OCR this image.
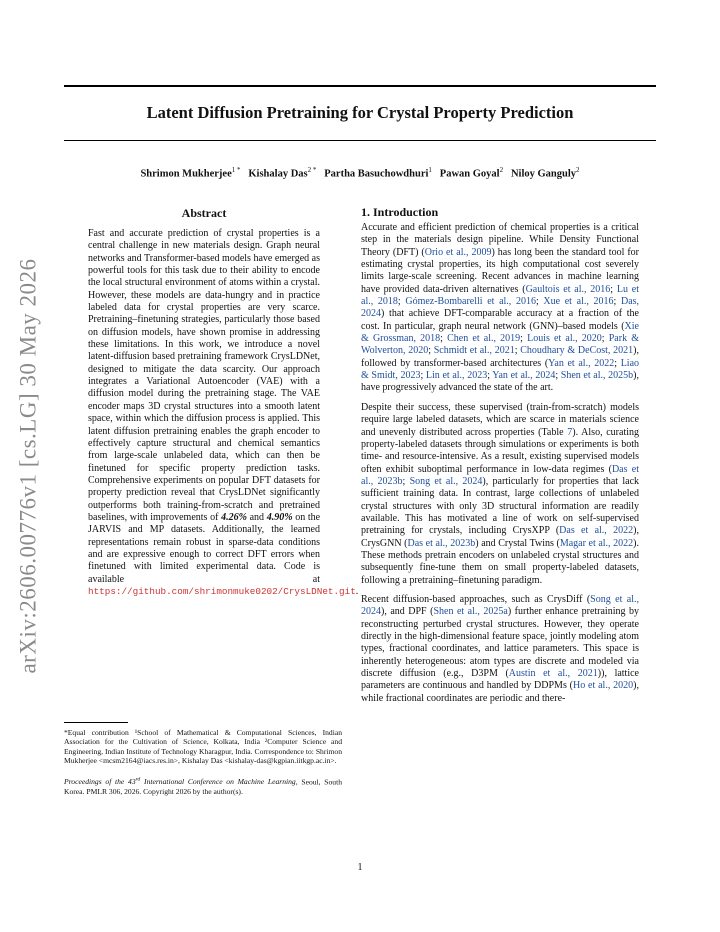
Latent Diffusion Pretraining for Crystal Property Prediction
Shrimon Mukherjee$^{1 *}$ Kishalay Das$^{2 *}$ Partha Basuchowdhuri$^1$ Pawan Goyal$^2$ Niloy Ganguly$^2$
arXiv:2606.00776v1 [cs.LG] 30 May 2026
Abstract

Fast and accurate prediction of crystal properties is a central challenge in new materials design. Graph neural networks and Transformer-based models have emerged as powerful tools for this task due to their ability to encode the local structural environment of atoms within a crystal. However, these models are data-hungry and in practice labeled data for crystal properties are very scarce. Pretraining–finetuning strategies, particularly those based on diffusion models, have shown promise in addressing these limitations. In this work, we introduce a novel latent-diffusion based pretraining framework CrysLDNet, designed to mitigate the data scarcity. Our approach integrates a Variational Autoencoder (VAE) with a diffusion model during the pretraining stage. The VAE encoder maps 3D crystal structures into a smooth latent space, within which the diffusion process is applied. This latent diffusion pretraining enables the graph encoder to effectively capture structural and chemical semantics from large-scale unlabeled data, which can then be finetuned for specific property prediction tasks. Comprehensive experiments on popular DFT datasets for property prediction reveal that CrysLDNet significantly outperforms both training-from-scratch and pretrained baselines, with improvements of 4.26% and 4.90% on the JARVIS and MP datasets. Additionally, the learned representations remain robust in sparse-data conditions and are expressive enough to correct DFT errors when finetuned with limited experimental data. Code is available at https://github.com/shrimonmuke0202/CrysLDNet.git.

*Equal contribution ¹School of Mathematical & Computational Sciences, Indian Association for the Cultivation of Science, Kolkata, India ²Computer Science and Engineering, Indian Institute of Technology Kharagpur, India. Correspondence to: Shrimon Mukherjee <mcsm2164@iacs.res.in>, Kishalay Das <kishalay-das@kgpian.iitkgp.ac.in>.

Proceedings of the 43rd International Conference on Machine Learning, Seoul, South Korea. PMLR 306, 2026. Copyright 2026 by the author(s).

1. Introduction

Accurate and efficient prediction of chemical properties is a critical step in the materials design pipeline. While Density Functional Theory (DFT) (Orio et al., 2009) has long been the standard tool for estimating crystal properties, its high computational cost severely limits large-scale screening. Recent advances in machine learning have provided data-driven alternatives (Gaultois et al., 2016; Lu et al., 2018; Gómez-Bombarelli et al., 2016; Xue et al., 2016; Das, 2024) that achieve DFT-comparable accuracy at a fraction of the cost. In particular, graph neural network (GNN)–based models (Xie & Grossman, 2018; Chen et al., 2019; Louis et al., 2020; Park & Wolverton, 2020; Schmidt et al., 2021; Choudhary & DeCost, 2021), followed by transformer-based architectures (Yan et al., 2022; Liao & Smidt, 2023; Lin et al., 2023; Yan et al., 2024; Shen et al., 2025b), have progressively advanced the state of the art.

Despite their success, these supervised (train-from-scratch) models require large labeled datasets, which are scarce in materials science and unevenly distributed across properties (Table 7). Also, curating property-labeled datasets through simulations or experiments is both time- and resource-intensive. As a result, existing supervised models often exhibit suboptimal performance in low-data regimes (Das et al., 2023b; Song et al., 2024), particularly for properties that lack sufficient training data. In contrast, large collections of unlabeled crystal structures with only 3D structural information are readily available. This has motivated a line of work on self-supervised pretraining for crystals, including CrysXPP (Das et al., 2022), CrysGNN (Das et al., 2023b) and Crystal Twins (Magar et al., 2022). These methods pretrain encoders on unlabeled crystal structures and subsequently fine-tune them on small property-labeled datasets, following a pretraining–finetuning paradigm.

Recent diffusion-based approaches, such as CrysDiff (Song et al., 2024), and DPF (Shen et al., 2025a) further enhance pretraining by reconstructing perturbed crystal structures. However, they operate directly in the high-dimensional feature space, jointly modeling atom types, fractional coordinates, and lattice parameters. This space is inherently heterogeneous: atom types are discrete and modeled via discrete diffusion (e.g., D3PM (Austin et al., 2021)), lattice parameters are continuous and handled by DDPMs (Ho et al., 2020), while fractional coordinates are periodic and there-

1
